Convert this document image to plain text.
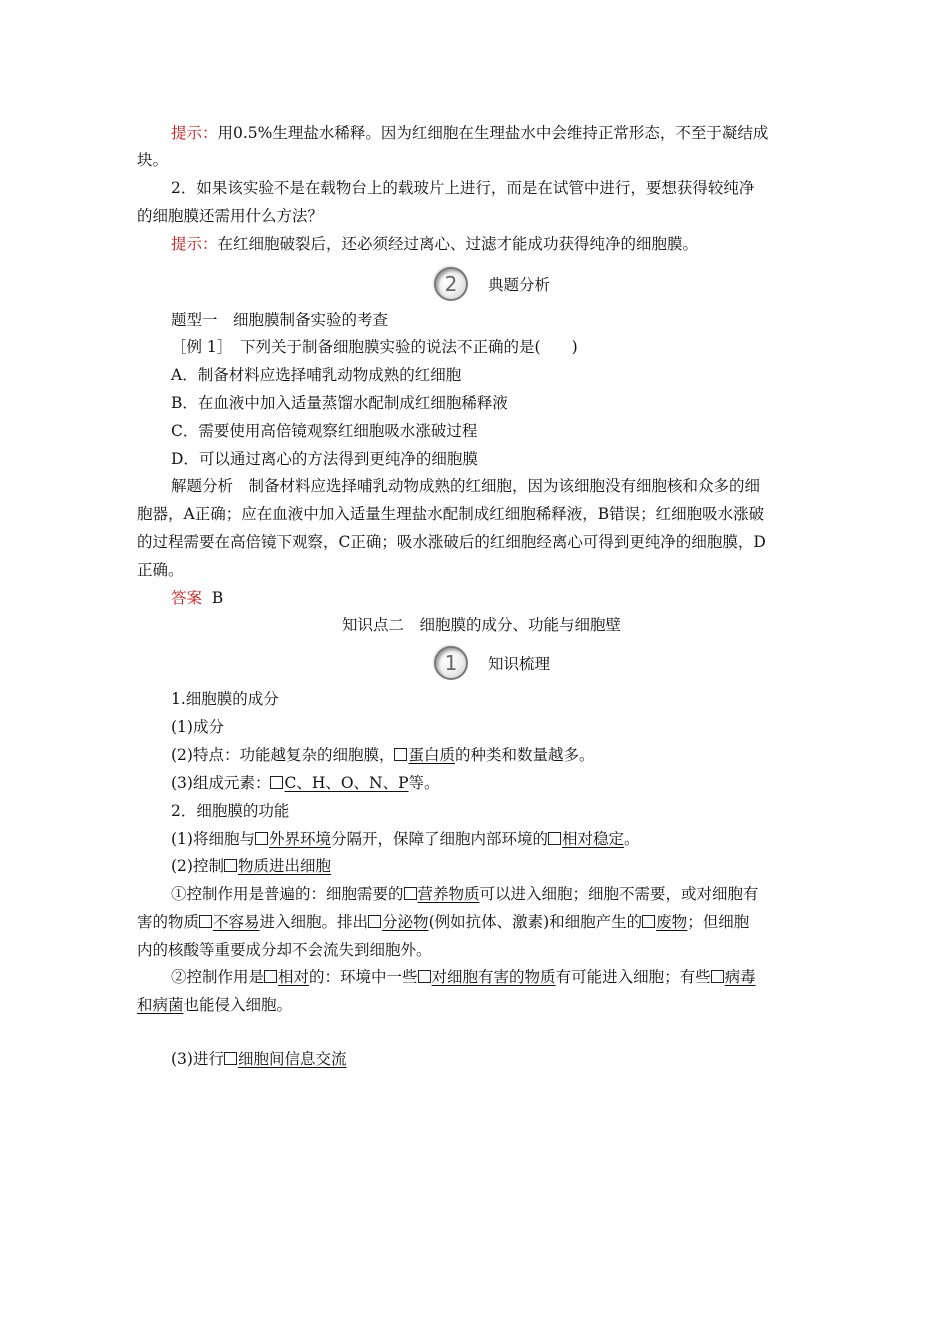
提示：用0.5%生理盐水稀释。因为红细胞在生理盐水中会维持正常形态，不至于凝结成
块。
2．如果该实验不是在载物台上的载玻片上进行，而是在试管中进行，要想获得较纯净
的细胞膜还需用什么方法？
提示：在红细胞破裂后，还必须经过离心、过滤才能成功获得纯净的细胞膜。
2	典题分析
题型一　细胞膜制备实验的考查
［例 1］　下列关于制备细胞膜实验的说法不正确的是(　　)
A．制备材料应选择哺乳动物成熟的红细胞
B．在血液中加入适量蒸馏水配制成红细胞稀释液
C．需要使用高倍镜观察红细胞吸水涨破过程
D．可以通过离心的方法得到更纯净的细胞膜
解题分析　制备材料应选择哺乳动物成熟的红细胞，因为该细胞没有细胞核和众多的细
胞器，A正确；应在血液中加入适量生理盐水配制成红细胞稀释液，B错误；红细胞吸水涨破
的过程需要在高倍镜下观察，C正确；吸水涨破后的红细胞经离心可得到更纯净的细胞膜，D
正确。
答案 B
知识点二　细胞膜的成分、功能与细胞壁
1	知识梳理
1.细胞膜的成分
(1)成分
(2)特点：功能越复杂的细胞膜， 蛋白质的种类和数量越多。
(3)组成元素： C、H、O、N、P等。
2．细胞膜的功能
(1)将细胞与 外界环境分隔开，保障了细胞内部环境的 相对稳定。
(2)控制 物质进出细胞
①控制作用是普遍的：细胞需要的 营养物质可以进入细胞；细胞不需要，或对细胞有
害的物质 不容易进入细胞。排出 分泌物(例如抗体、激素)和细胞产生的 废物；但细胞
内的核酸等重要成分却不会流失到细胞外。
②控制作用是 相对的：环境中一些 对细胞有害的物质有可能进入细胞；有些 病毒
和病菌也能侵入细胞。
(3)进行 细胞间信息交流
